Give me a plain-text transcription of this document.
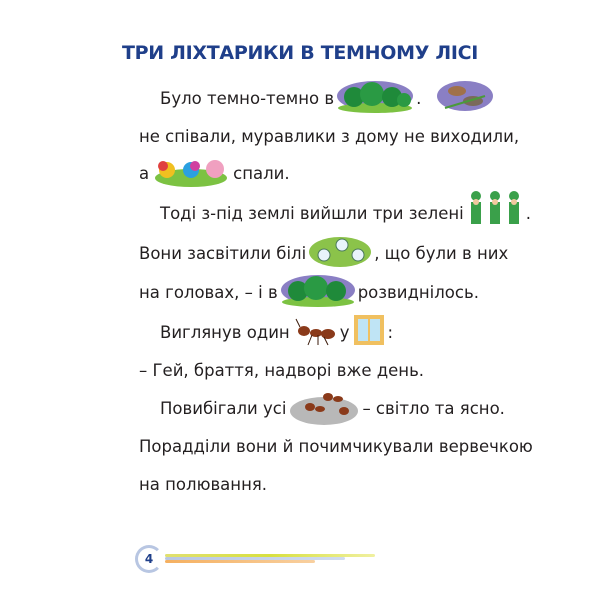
ТРИ ЛІХТАРИКИ В ТЕМНОМУ ЛІСІ
Було темно-темно в	.
не співали, муравлики з дому не виходили,
а	спали.
Тоді з-під землі вийшли три зелені	.
Вони засвітили білі	, що були в них
на головах, – і в	розвиднілось.
Виглянув один	у :
– Гей, браття, надворі вже день.
Повибігали усі	– світло та ясно.
Порадділи вони й почимчикували вервечкою
на полювання.
4
